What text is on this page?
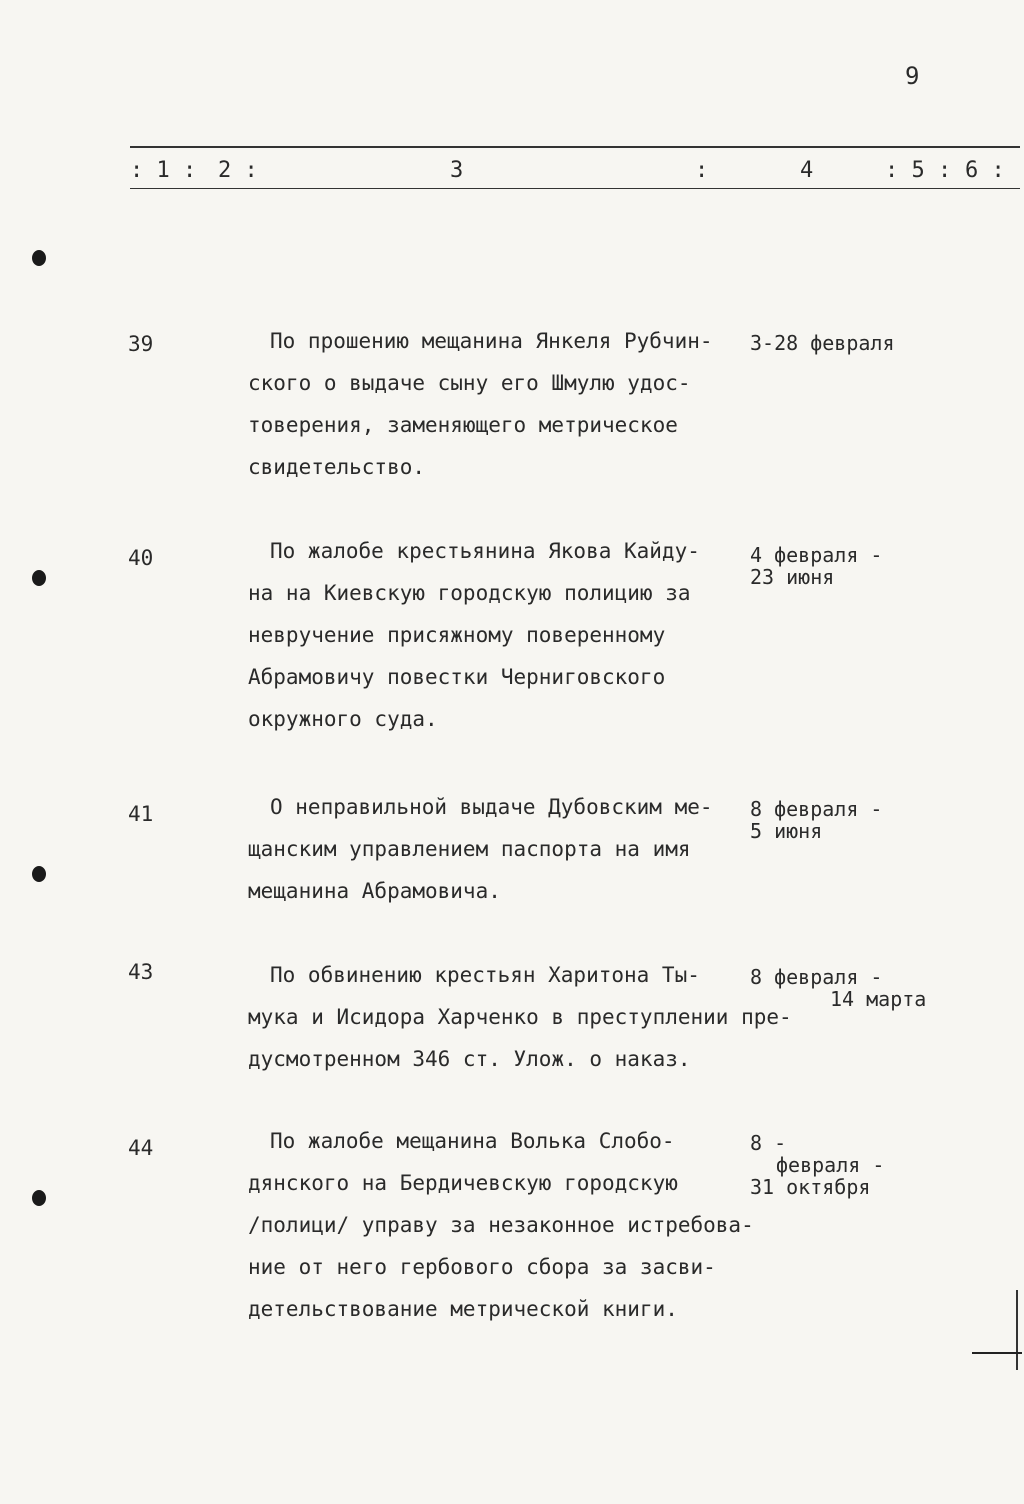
9
: 1 : 2 :	3	:	4	: 5 : 6 :
39	По прошению мещанина Янкеля Рубчин-
ского о выдаче сыну его Шмулю удос-
товерения, заменяющего метрическое
свидетельство.
3-28 февраля
40	По жалобе крестьянина Якова Кайду-
на на Киевскую городскую полицию за
невручение присяжному поверенному
Абрамовичу повестки Черниговского
окружного суда.
4 февраля -
23 июня
41	О неправильной выдаче Дубовским ме-
щанским управлением паспорта на имя
мещанина Абрамовича.
8 февраля -
5 июня
43	По обвинению крестьян Харитона Ты-
мука и Исидора Харченко в преступлении пре-
дусмотренном 346 ст. Улож. о наказ.
8 февраля -
14 марта
44	По жалобе мещанина Волька Слобо-
дянского на Бердичевскую городскую
/полици/ управу за незаконное истребова-
ние от него гербового сбора за засви-
детельствование метрической книги.
8 -
февраля -
31 октября
